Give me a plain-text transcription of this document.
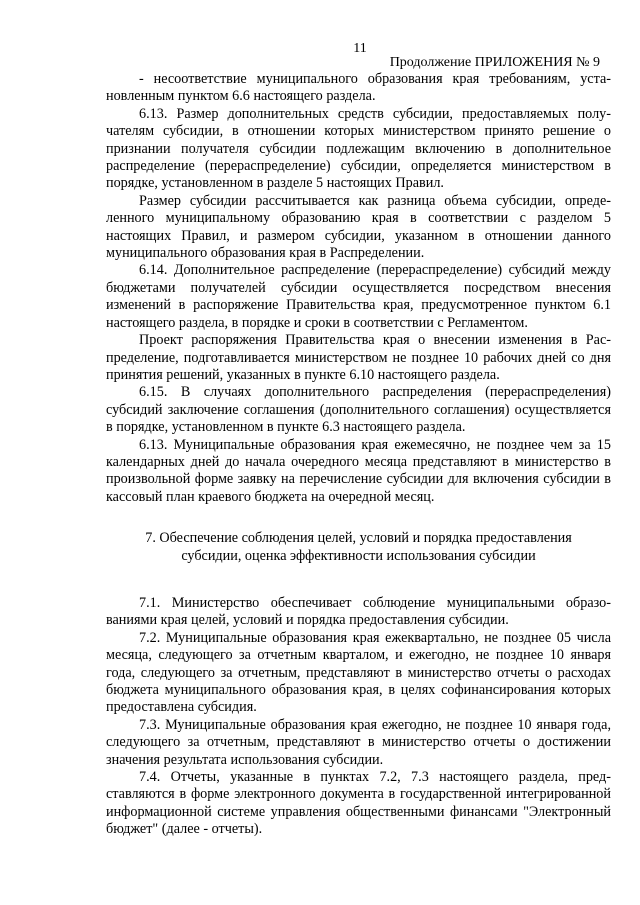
11
Продолжение ПРИЛОЖЕНИЯ № 9

- несоответствие муниципального образования края требованиям, установленным пунктом 6.6 настоящего раздела.

6.13. Размер дополнительных средств субсидии, предоставляемых получателям субсидии, в отношении которых министерством принято решение о признании получателя субсидии подлежащим включению в дополнительное распределение (перераспределение) субсидии, определяется министерством в порядке, установленном в разделе 5 настоящих Правил.

Размер субсидии рассчитывается как разница объема субсидии, определенного муниципальному образованию края в соответствии с разделом 5 настоящих Правил, и размером субсидии, указанном в отношении данного муниципального образования края в Распределении.

6.14. Дополнительное распределение (перераспределение) субсидий между бюджетами получателей субсидии осуществляется посредством внесения изменений в распоряжение Правительства края, предусмотренное пунктом 6.1 настоящего раздела, в порядке и сроки в соответствии с Регламентом.

Проект распоряжения Правительства края о внесении изменения в Распределение, подготавливается министерством не позднее 10 рабочих дней со дня принятия решений, указанных в пункте 6.10 настоящего раздела.

6.15. В случаях дополнительного распределения (перераспределения) субсидий заключение соглашения (дополнительного соглашения) осуществляется в порядке, установленном в пункте 6.3 настоящего раздела.

6.13. Муниципальные образования края ежемесячно, не позднее чем за 15 календарных дней до начала очередного месяца представляют в министерство в произвольной форме заявку на перечисление субсидии для включения субсидии в кассовый план краевого бюджета на очередной месяц.

7. Обеспечение соблюдения целей, условий и порядка предоставления
субсидии, оценка эффективности использования субсидии

7.1. Министерство обеспечивает соблюдение муниципальными образованиями края целей, условий и порядка предоставления субсидии.

7.2. Муниципальные образования края ежеквартально, не позднее 05 числа месяца, следующего за отчетным кварталом, и ежегодно, не позднее 10 января года, следующего за отчетным, представляют в министерство отчеты о расходах бюджета муниципального образования края, в целях софинансирования которых предоставлена субсидия.

7.3. Муниципальные образования края ежегодно, не позднее 10 января года, следующего за отчетным, представляют в министерство отчеты о достижении значения результата использования субсидии.

7.4. Отчеты, указанные в пунктах 7.2, 7.3 настоящего раздела, представляются в форме электронного документа в государственной интегрированной информационной системе управления общественными финансами "Электронный бюджет" (далее - отчеты).
